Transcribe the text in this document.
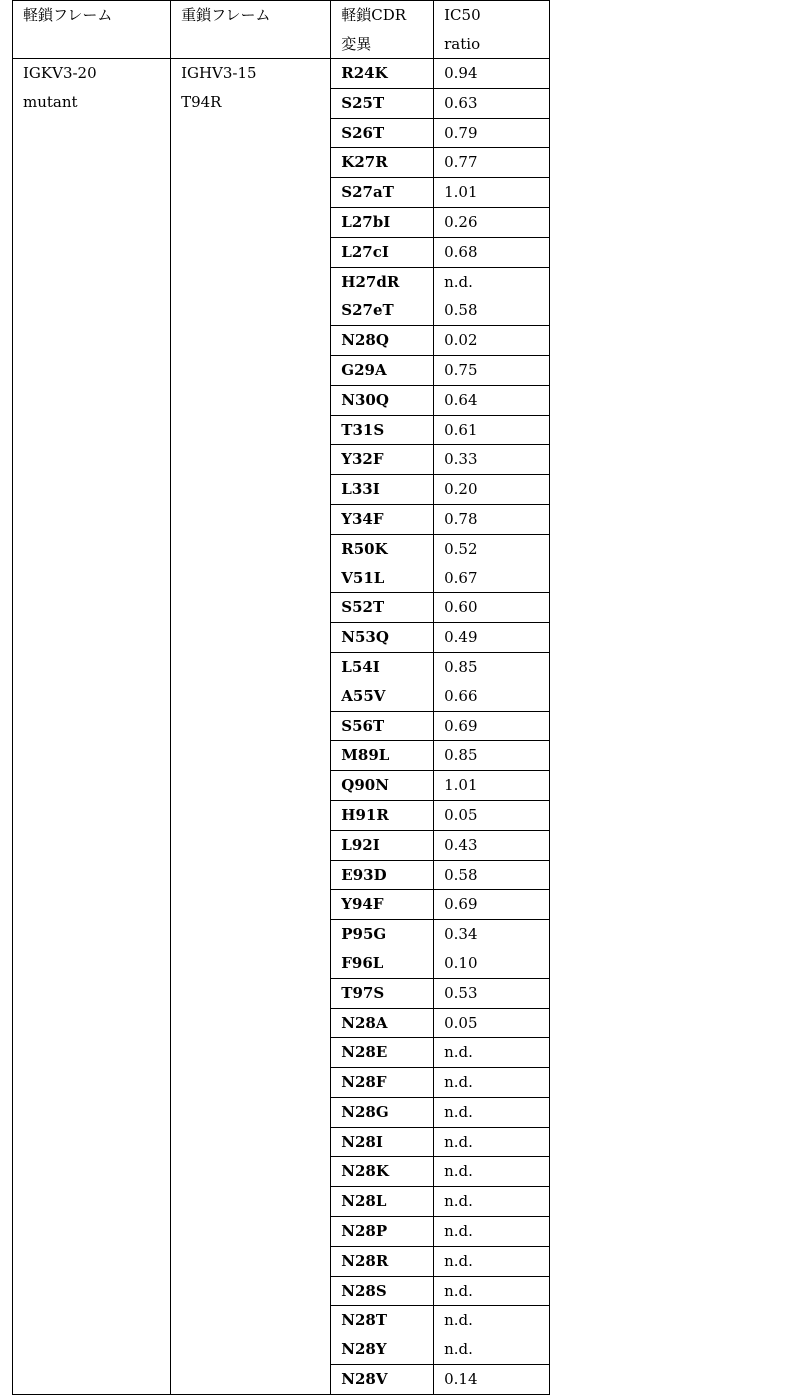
軽鎖フレーム	重鎖フレーム	軽鎖CDR
変異

IC50
ratio

IGKV3-20
mutant

IGHV3-15
T94R

R24K	0.94

S25T	0.63

S26T	0.79

K27R	0.77

S27aT	1.01

L27bI	0.26

L27cI	0.68

H27dR
S27eT

n.d.
0.58

N28Q	0.02

G29A	0.75

N30Q	0.64

T31S	0.61

Y32F	0.33

L33I	0.20

Y34F	0.78

R50K
V51L

0.52
0.67

S52T	0.60

N53Q	0.49

L54I
A55V

0.85
0.66

S56T	0.69

M89L	0.85

Q90N	1.01

H91R	0.05

L92I	0.43

E93D	0.58

Y94F	0.69

P95G
F96L

0.34
0.10

T97S	0.53

N28A	0.05

N28E	n.d.

N28F	n.d.

N28G	n.d.

N28I	n.d.

N28K	n.d.

N28L	n.d.

N28P	n.d.

N28R	n.d.

N28S	n.d.

N28T
N28Y

n.d.
n.d.

N28V	0.14
